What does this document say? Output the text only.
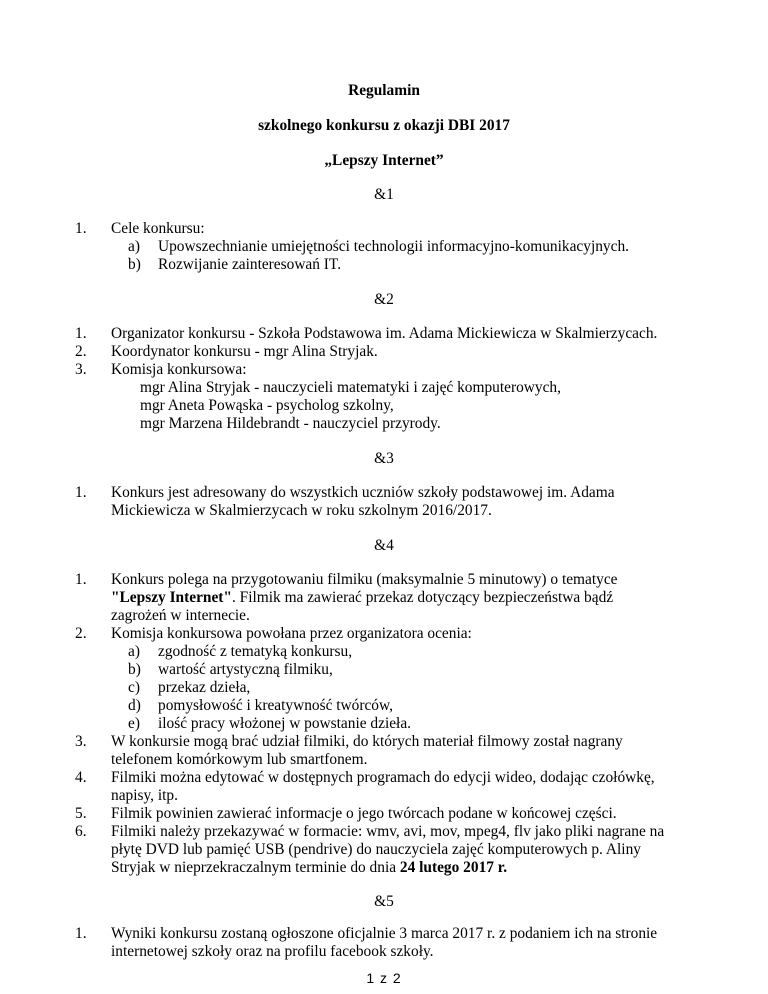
Regulamin
szkolnego konkursu z okazji DBI 2017
„Lepszy Internet”
&1
1. Cele konkursu:
a) Upowszechnianie umiejętności technologii informacyjno-komunikacyjnych.
b) Rozwijanie zainteresowań IT.
&2
1. Organizator konkursu - Szkoła Podstawowa im. Adama Mickiewicza w Skalmierzycach.
2. Koordynator konkursu - mgr Alina Stryjak.
3. Komisja konkursowa:
mgr Alina Stryjak - nauczycieli matematyki i zajęć komputerowych,
mgr Aneta Powąska - psycholog szkolny,
mgr Marzena Hildebrandt - nauczyciel przyrody.
&3
1. Konkurs jest adresowany do wszystkich uczniów szkoły podstawowej im. Adama
Mickiewicza w Skalmierzycach w roku szkolnym 2016/2017.
&4
1. Konkurs polega na przygotowaniu filmiku (maksymalnie 5 minutowy) o tematyce
"Lepszy Internet". Filmik ma zawierać przekaz dotyczący bezpieczeństwa bądź
zagrożeń w internecie.
2. Komisja konkursowa powołana przez organizatora ocenia:
a) zgodność z tematyką konkursu,
b) wartość artystyczną filmiku,
c) przekaz dzieła,
d) pomysłowość i kreatywność twórców,
e) ilość pracy włożonej w powstanie dzieła.
3. W konkursie mogą brać udział filmiki, do których materiał filmowy został nagrany
telefonem komórkowym lub smartfonem.
4. Filmiki można edytować w dostępnych programach do edycji wideo, dodając czołówkę,
napisy, itp.
5. Filmik powinien zawierać informacje o jego twórcach podane w końcowej części.
6. Filmiki należy przekazywać w formacie: wmv, avi, mov, mpeg4, flv jako pliki nagrane na
płytę DVD lub pamięć USB (pendrive) do nauczyciela zajęć komputerowych p. Aliny
Stryjak w nieprzekraczalnym terminie do dnia 24 lutego 2017 r.
&5
1. Wyniki konkursu zostaną ogłoszone oficjalnie 3 marca 2017 r. z podaniem ich na stronie
internetowej szkoły oraz na profilu facebook szkoły.
1 z 2
